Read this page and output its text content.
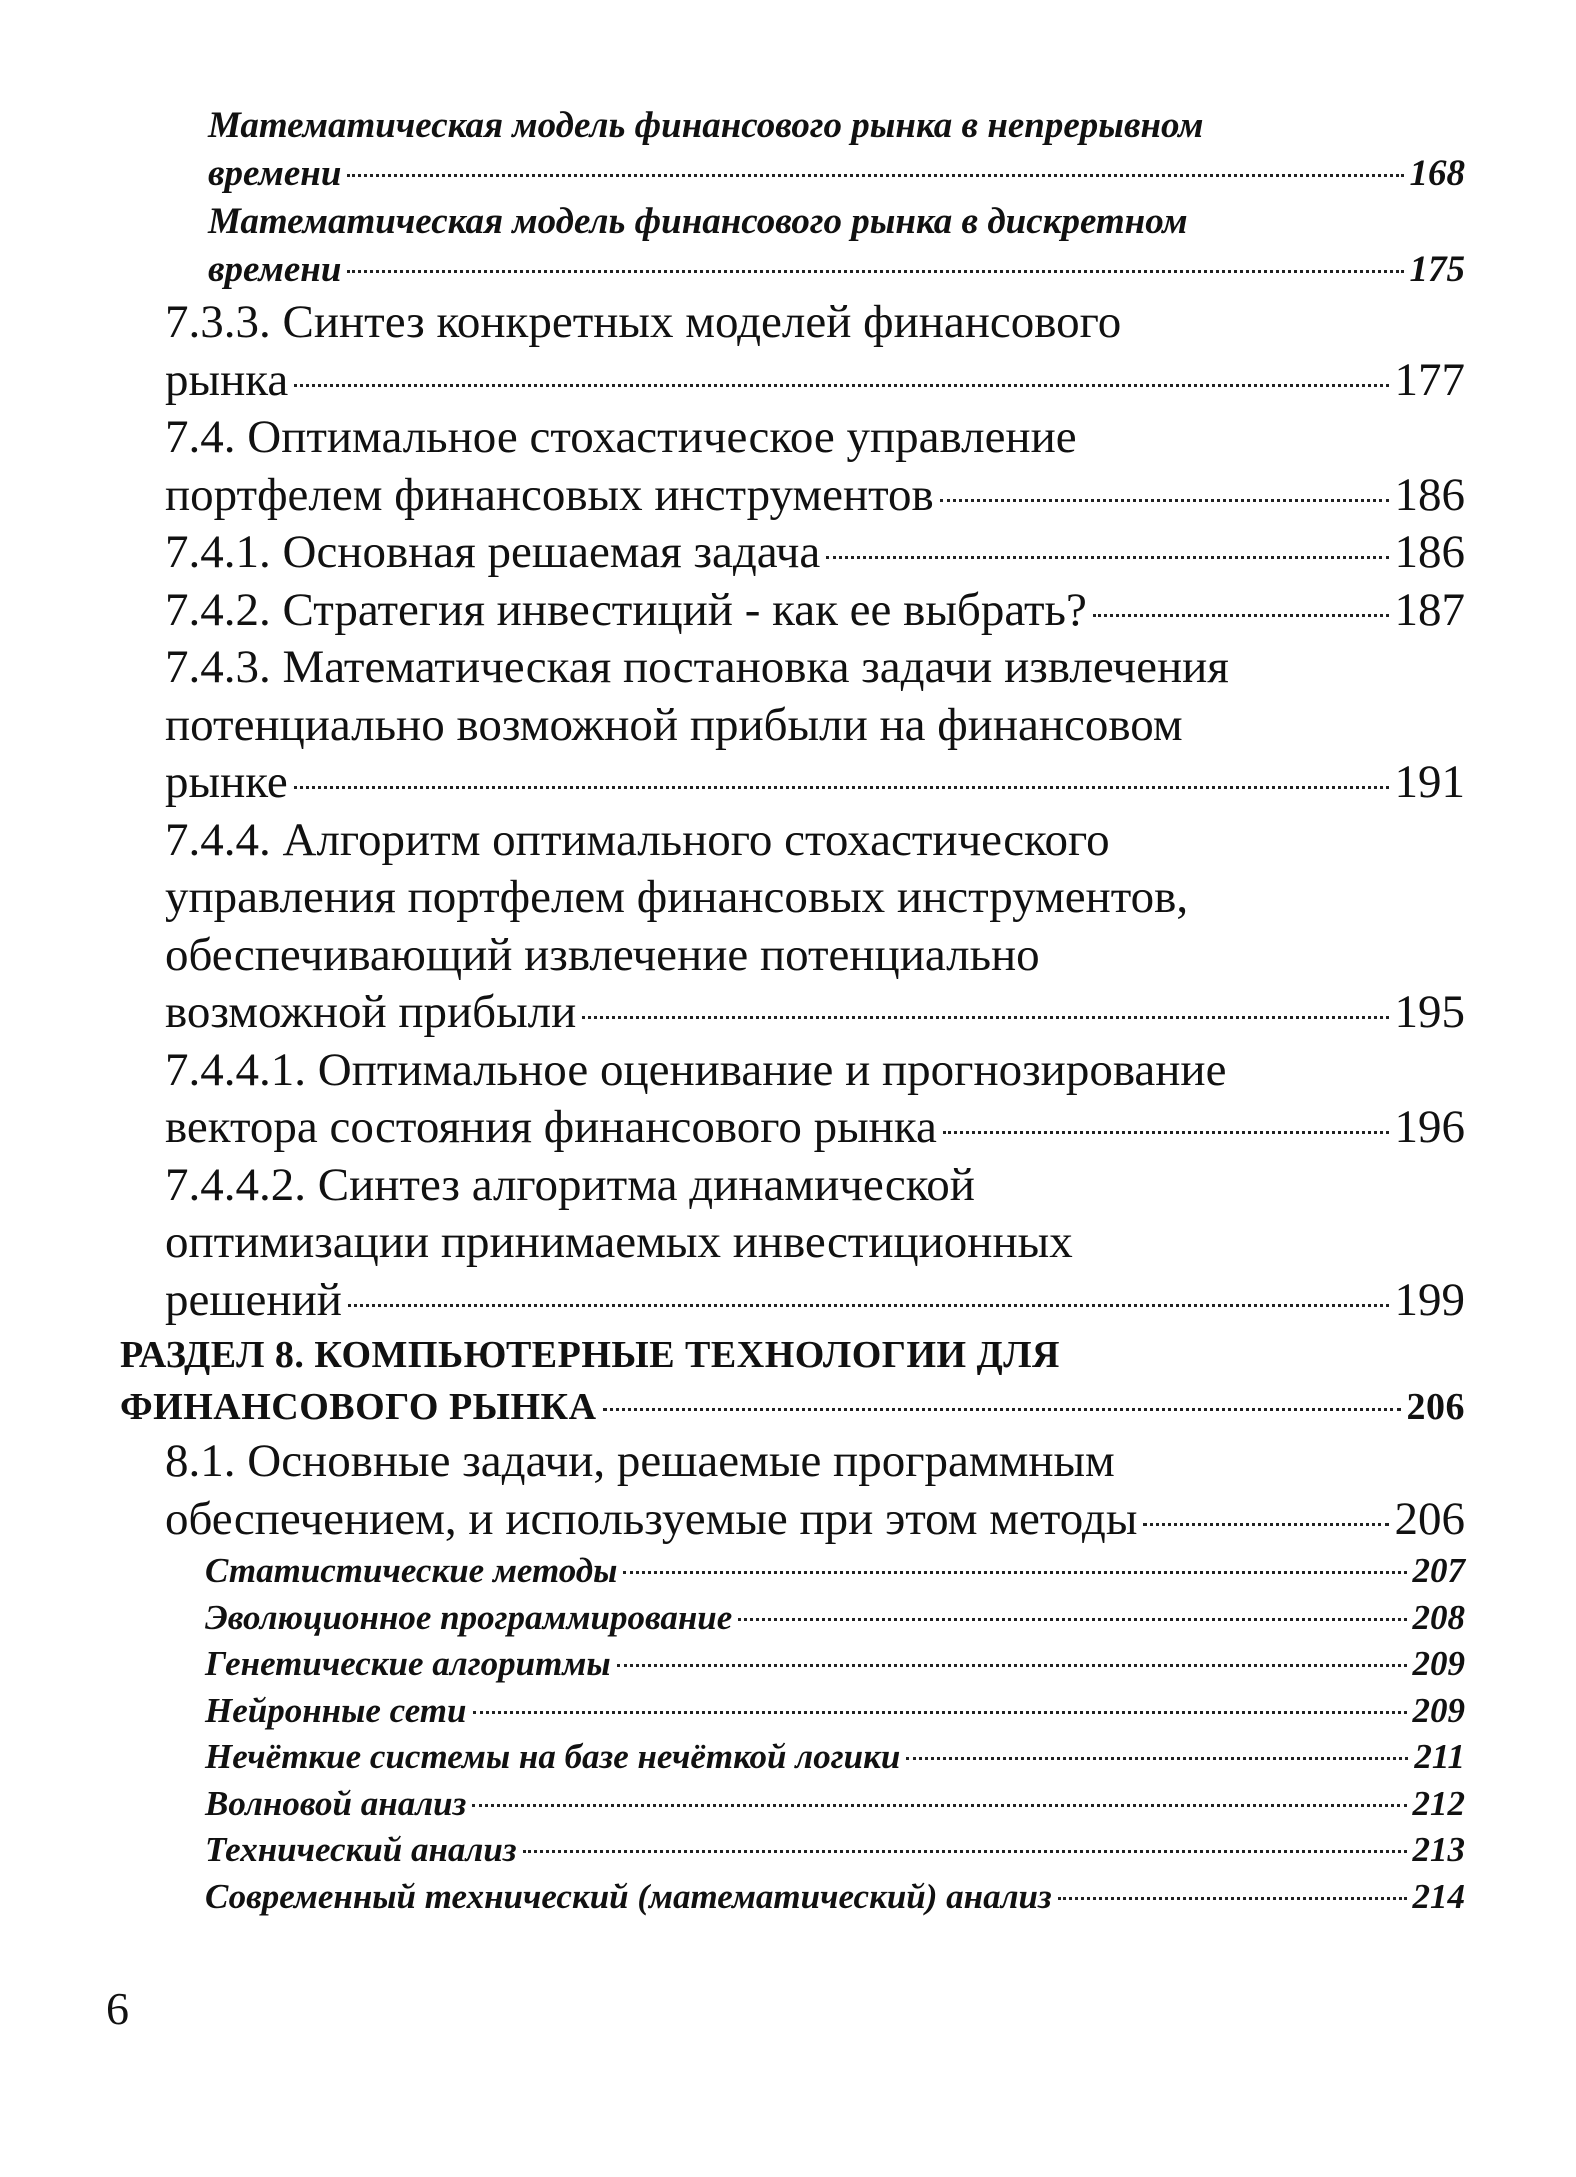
Математическая модель финансового рынка в непрерывном
времени	168
Математическая модель финансового рынка в дискретном
времени	175
7.3.3. Синтез конкретных моделей финансового
рынка	177
7.4. Оптимальное стохастическое управление
портфелем финансовых инструментов	186
7.4.1. Основная решаемая задача	186
7.4.2. Стратегия инвестиций - как ее выбрать?	187
7.4.3. Математическая постановка задачи извлечения
потенциально возможной прибыли на финансовом
рынке	191
7.4.4. Алгоритм оптимального стохастического
управления портфелем финансовых инструментов,
обеспечивающий извлечение потенциально
возможной прибыли	195
7.4.4.1. Оптимальное оценивание и прогнозирование
вектора состояния финансового рынка	196
7.4.4.2. Синтез алгоритма динамической
оптимизации принимаемых инвестиционных
решений	199
РАЗДЕЛ 8. КОМПЬЮТЕРНЫЕ ТЕХНОЛОГИИ ДЛЯ
ФИНАНСОВОГО РЫНКА	206
8.1. Основные задачи, решаемые программным
обеспечением, и используемые при этом методы	206
Статистические методы	207
Эволюционное программирование	208
Генетические алгоритмы	209
Нейронные сети	209
Нечёткие системы на базе нечёткой логики	211
Волновой анализ	212
Технический анализ	213
Современный технический (математический) анализ	214
6
